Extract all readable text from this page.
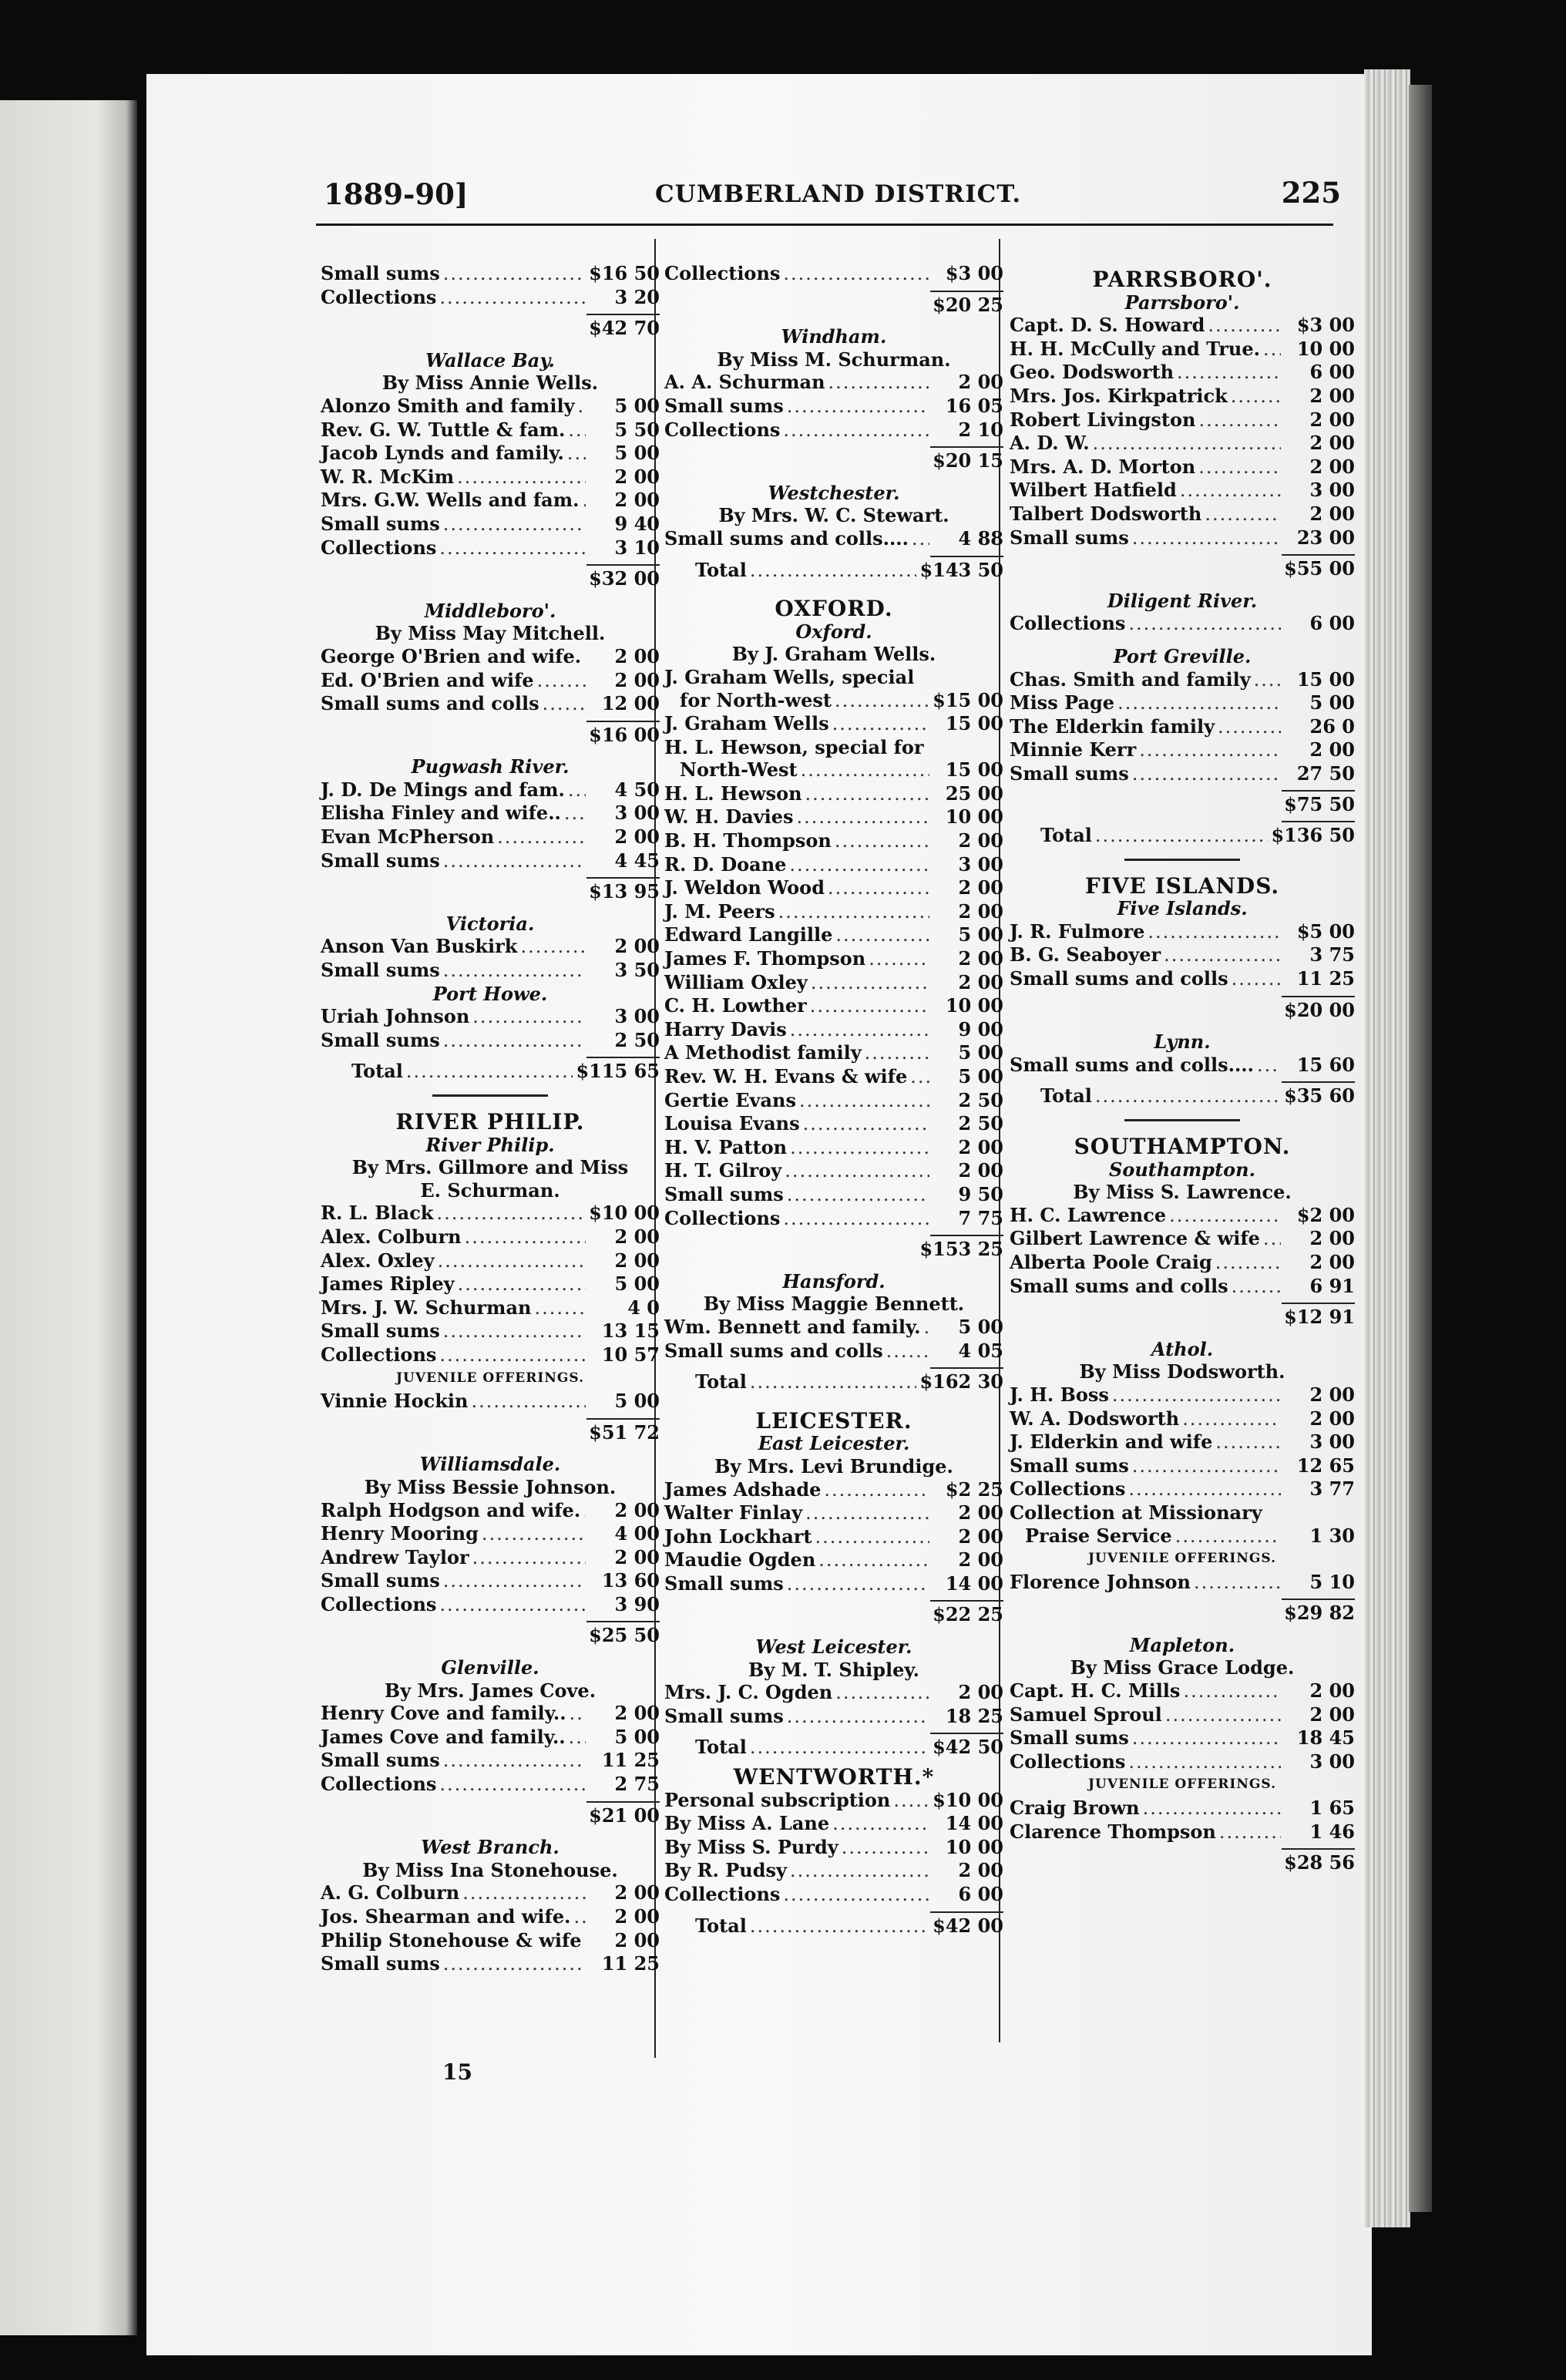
1889-90]	CUMBERLAND DISTRICT.	225
Small sums .....	$16 50
Collections .....	3 20
$42 70
Wallace Bay.
By Miss Annie Wells.
Alonzo Smith and family .....	5 00
Rev. G. W. Tuttle & fam. .....	5 50
Jacob Lynds and family. .....	5 00
W. R. McKim .....	2 00
Mrs. G.W. Wells and fam. .....	2 00
Small sums .....	9 40
Collections .....	3 10
$32 00
Middleboro'.
By Miss May Mitchell.
George O'Brien and wife. .....	2 00
Ed. O'Brien and wife .....	2 00
Small sums and colls .....	12 00
$16 00
Pugwash River.
J. D. De Mings and fam. .....	4 50
Elisha Finley and wife.. .....	3 00
Evan McPherson .....	2 00
Small sums .....	4 45
$13 95
Victoria.
Anson Van Buskirk .....	2 00
Small sums .....	3 50
Port Howe.
Uriah Johnson .....	3 00
Small sums .....	2 50
Total .....	$115 65
RIVER PHILIP.
River Philip.
By Mrs. Gillmore and Miss
E. Schurman.
R. L. Black .....	$10 00
Alex. Colburn .....	2 00
Alex. Oxley .....	2 00
James Ripley .....	5 00
Mrs. J. W. Schurman .....	4 0
Small sums .....	13 15
Collections .....	10 57
JUVENILE OFFERINGS.
Vinnie Hockin .....	5 00
$51 72
Williamsdale.
By Miss Bessie Johnson.
Ralph Hodgson and wife. .....	2 00
Henry Mooring .....	4 00
Andrew Taylor .....	2 00
Small sums .....	13 60
Collections .....	3 90
$25 50
Glenville.
By Mrs. James Cove.
Henry Cove and family.. .....	2 00
James Cove and family.. .....	5 00
Small sums .....	11 25
Collections .....	2 75
$21 00
West Branch.
By Miss Ina Stonehouse.
A. G. Colburn .....	2 00
Jos. Shearman and wife. .....	2 00
Philip Stonehouse & wife .....	2 00
Small sums .....	11 25
Collections .....	$3 00
$20 25
Windham.
By Miss M. Schurman.
A. A. Schurman .....	2 00
Small sums .....	16 05
Collections .....	2 10
$20 15
Westchester.
By Mrs. W. C. Stewart.
Small sums and colls.... .....	4 88
Total .....	$143 50
OXFORD.
Oxford.
By J. Graham Wells.
J. Graham Wells, special
for North-west .....	$15 00
J. Graham Wells .....	15 00
H. L. Hewson, special for
North-West .....	15 00
H. L. Hewson .....	25 00
W. H. Davies .....	10 00
B. H. Thompson .....	2 00
R. D. Doane .....	3 00
J. Weldon Wood .....	2 00
J. M. Peers .....	2 00
Edward Langille .....	5 00
James F. Thompson .....	2 00
William Oxley .....	2 00
C. H. Lowther .....	10 00
Harry Davis .....	9 00
A Methodist family .....	5 00
Rev. W. H. Evans & wife .....	5 00
Gertie Evans .....	2 50
Louisa Evans .....	2 50
H. V. Patton .....	2 00
H. T. Gilroy .....	2 00
Small sums .....	9 50
Collections .....	7 75
$153 25
Hansford.
By Miss Maggie Bennett.
Wm. Bennett and family. .....	5 00
Small sums and colls .....	4 05
Total .....	$162 30
LEICESTER.
East Leicester.
By Mrs. Levi Brundige.
James Adshade .....	$2 25
Walter Finlay .....	2 00
John Lockhart .....	2 00
Maudie Ogden .....	2 00
Small sums .....	14 00
$22 25
West Leicester.
By M. T. Shipley.
Mrs. J. C. Ogden .....	2 00
Small sums .....	18 25
Total .....	$42 50
WENTWORTH.*
Personal subscription ..... $10 00
By Miss A. Lane .....	14 00
By Miss S. Purdy .....	10 00
By R. Pudsy .....	2 00
Collections .....	6 00
Total .....	$42 00
PARRSBORO'.
Parrsboro'.
Capt. D. S. Howard .....	$3 00
H. H. McCully and True. .....	10 00
Geo. Dodsworth .....	6 00
Mrs. Jos. Kirkpatrick .....	2 00
Robert Livingston .....	2 00
A. D. W. .....	2 00
Mrs. A. D. Morton .....	2 00
Wilbert Hatfield .....	3 00
Talbert Dodsworth .....	2 00
Small sums .....	23 00
$55 00
Diligent River.
Collections .....	6 00
Port Greville.
Chas. Smith and family .....	15 00
Miss Page .....	5 00
The Elderkin family .....	26 0
Minnie Kerr .....	2 00
Small sums .....	27 50
$75 50
Total .....	$136 50
FIVE ISLANDS.
Five Islands.
J. R. Fulmore .....	$5 00
B. G. Seaboyer .....	3 75
Small sums and colls .....	11 25
$20 00
Lynn.
Small sums and colls.... .....	15 60
Total .....	$35 60
SOUTHAMPTON.
Southampton.
By Miss S. Lawrence.
H. C. Lawrence .....	$2 00
Gilbert Lawrence & wife .....	2 00
Alberta Poole Craig .....	2 00
Small sums and colls .....	6 91
$12 91
Athol.
By Miss Dodsworth.
J. H. Boss .....	2 00
W. A. Dodsworth .....	2 00
J. Elderkin and wife .....	3 00
Small sums .....	12 65
Collections .....	3 77
Collection at Missionary
Praise Service .....	1 30
JUVENILE OFFERINGS.
Florence Johnson .....	5 10
$29 82
Mapleton.
By Miss Grace Lodge.
Capt. H. C. Mills .....	2 00
Samuel Sproul .....	2 00
Small sums .....	18 45
Collections .....	3 00
JUVENILE OFFERINGS.
Craig Brown .....	1 65
Clarence Thompson .....	1 46
$28 56
15
